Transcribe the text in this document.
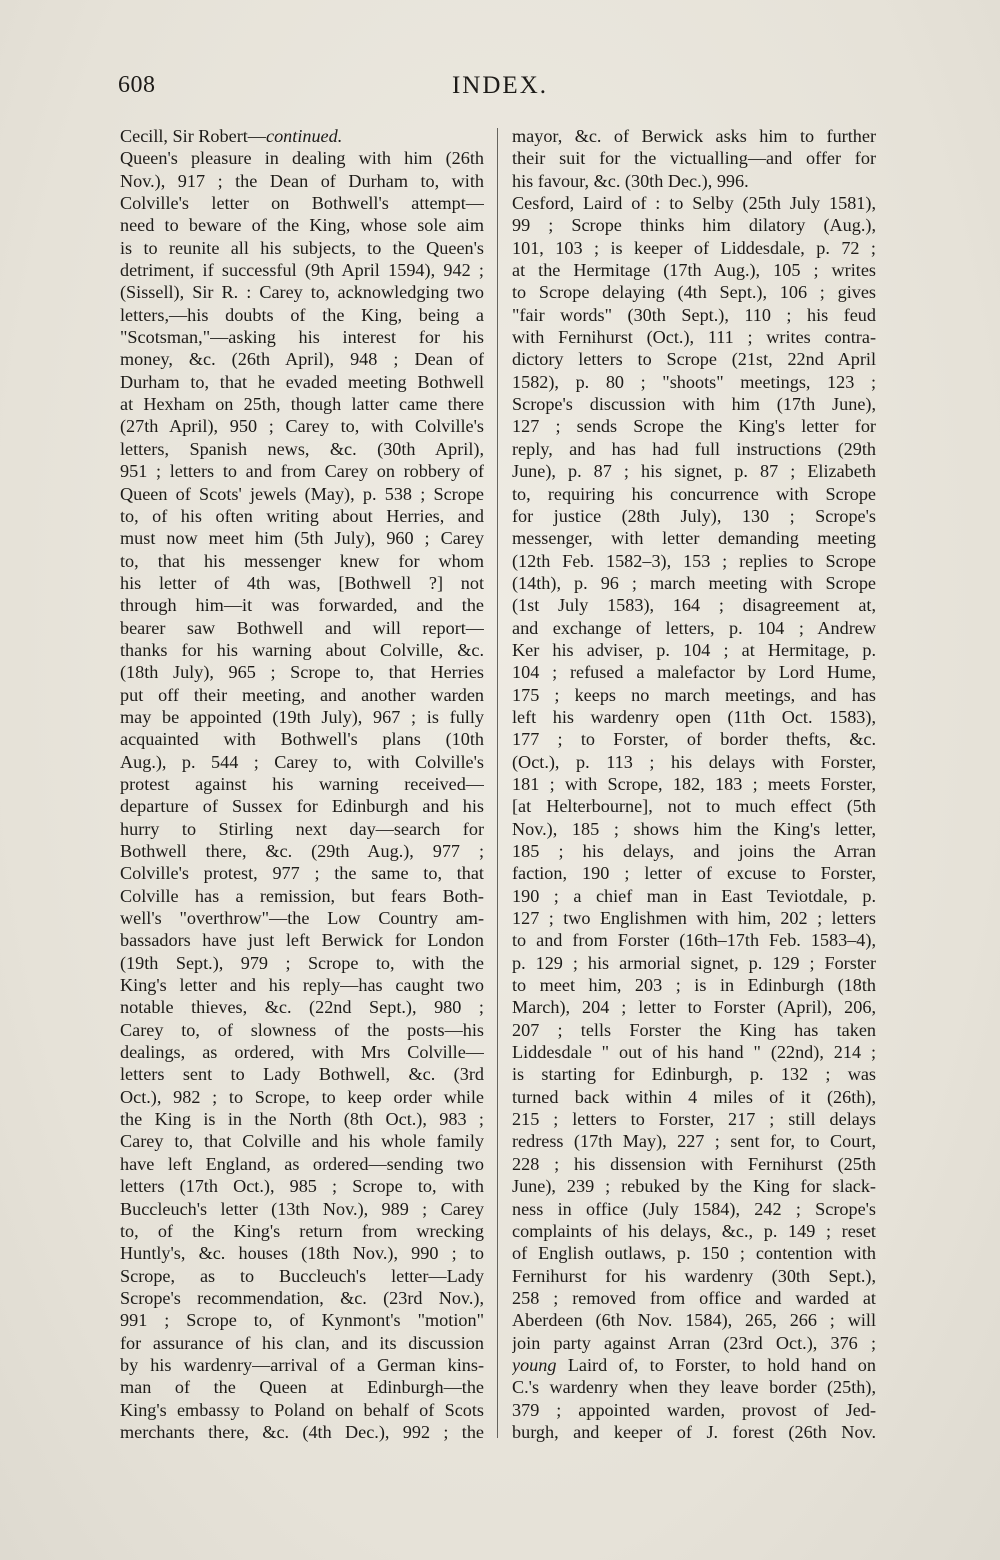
608	INDEX.
Cecill, Sir Robert—continued.
Queen's pleasure in dealing with him (26th
Nov.), 917 ; the Dean of Durham to, with
Colville's letter on Bothwell's attempt—
need to beware of the King, whose sole aim
is to reunite all his subjects, to the Queen's
detriment, if successful (9th April 1594), 942 ;
(Sissell), Sir R. : Carey to, acknowledging two
letters,—his doubts of the King, being a
"Scotsman,"—asking his interest for his
money, &c. (26th April), 948 ; Dean of
Durham to, that he evaded meeting Bothwell
at Hexham on 25th, though latter came there
(27th April), 950 ; Carey to, with Colville's
letters, Spanish news, &c. (30th April),
951 ; letters to and from Carey on robbery of
Queen of Scots' jewels (May), p. 538 ; Scrope
to, of his often writing about Herries, and
must now meet him (5th July), 960 ; Carey
to, that his messenger knew for whom
his letter of 4th was, [Bothwell ?] not
through him—it was forwarded, and the
bearer saw Bothwell and will report—
thanks for his warning about Colville, &c.
(18th July), 965 ; Scrope to, that Herries
put off their meeting, and another warden
may be appointed (19th July), 967 ; is fully
acquainted with Bothwell's plans (10th
Aug.), p. 544 ; Carey to, with Colville's
protest against his warning received—
departure of Sussex for Edinburgh and his
hurry to Stirling next day—search for
Bothwell there, &c. (29th Aug.), 977 ;
Colville's protest, 977 ; the same to, that
Colville has a remission, but fears Both-
well's "overthrow"—the Low Country am-
bassadors have just left Berwick for London
(19th Sept.), 979 ; Scrope to, with the
King's letter and his reply—has caught two
notable thieves, &c. (22nd Sept.), 980 ;
Carey to, of slowness of the posts—his
dealings, as ordered, with Mrs Colville—
letters sent to Lady Bothwell, &c. (3rd
Oct.), 982 ; to Scrope, to keep order while
the King is in the North (8th Oct.), 983 ;
Carey to, that Colville and his whole family
have left England, as ordered—sending two
letters (17th Oct.), 985 ; Scrope to, with
Buccleuch's letter (13th Nov.), 989 ; Carey
to, of the King's return from wrecking
Huntly's, &c. houses (18th Nov.), 990 ; to
Scrope, as to Buccleuch's letter—Lady
Scrope's recommendation, &c. (23rd Nov.),
991 ; Scrope to, of Kynmont's "motion"
for assurance of his clan, and its discussion
by his wardenry—arrival of a German kins-
man of the Queen at Edinburgh—the
King's embassy to Poland on behalf of Scots
merchants there, &c. (4th Dec.), 992 ; the
mayor, &c. of Berwick asks him to further
their suit for the victualling—and offer for
his favour, &c. (30th Dec.), 996.
Cesford, Laird of : to Selby (25th July 1581),
99 ; Scrope thinks him dilatory (Aug.),
101, 103 ; is keeper of Liddesdale, p. 72 ;
at the Hermitage (17th Aug.), 105 ; writes
to Scrope delaying (4th Sept.), 106 ; gives
"fair words" (30th Sept.), 110 ; his feud
with Fernihurst (Oct.), 111 ; writes contra-
dictory letters to Scrope (21st, 22nd April
1582), p. 80 ; "shoots" meetings, 123 ;
Scrope's discussion with him (17th June),
127 ; sends Scrope the King's letter for
reply, and has had full instructions (29th
June), p. 87 ; his signet, p. 87 ; Elizabeth
to, requiring his concurrence with Scrope
for justice (28th July), 130 ; Scrope's
messenger, with letter demanding meeting
(12th Feb. 1582–3), 153 ; replies to Scrope
(14th), p. 96 ; march meeting with Scrope
(1st July 1583), 164 ; disagreement at,
and exchange of letters, p. 104 ; Andrew
Ker his adviser, p. 104 ; at Hermitage, p.
104 ; refused a malefactor by Lord Hume,
175 ; keeps no march meetings, and has
left his wardenry open (11th Oct. 1583),
177 ; to Forster, of border thefts, &c.
(Oct.), p. 113 ; his delays with Forster,
181 ; with Scrope, 182, 183 ; meets Forster,
[at Helterbourne], not to much effect (5th
Nov.), 185 ; shows him the King's letter,
185 ; his delays, and joins the Arran
faction, 190 ; letter of excuse to Forster,
190 ; a chief man in East Teviotdale, p.
127 ; two Englishmen with him, 202 ; letters
to and from Forster (16th–17th Feb. 1583–4),
p. 129 ; his armorial signet, p. 129 ; Forster
to meet him, 203 ; is in Edinburgh (18th
March), 204 ; letter to Forster (April), 206,
207 ; tells Forster the King has taken
Liddesdale " out of his hand " (22nd), 214 ;
is starting for Edinburgh, p. 132 ; was
turned back within 4 miles of it (26th),
215 ; letters to Forster, 217 ; still delays
redress (17th May), 227 ; sent for, to Court,
228 ; his dissension with Fernihurst (25th
June), 239 ; rebuked by the King for slack-
ness in office (July 1584), 242 ; Scrope's
complaints of his delays, &c., p. 149 ; reset
of English outlaws, p. 150 ; contention with
Fernihurst for his wardenry (30th Sept.),
258 ; removed from office and warded at
Aberdeen (6th Nov. 1584), 265, 266 ; will
join party against Arran (23rd Oct.), 376 ;
young Laird of, to Forster, to hold hand on
C.'s wardenry when they leave border (25th),
379 ; appointed warden, provost of Jed-
burgh, and keeper of J. forest (26th Nov.
